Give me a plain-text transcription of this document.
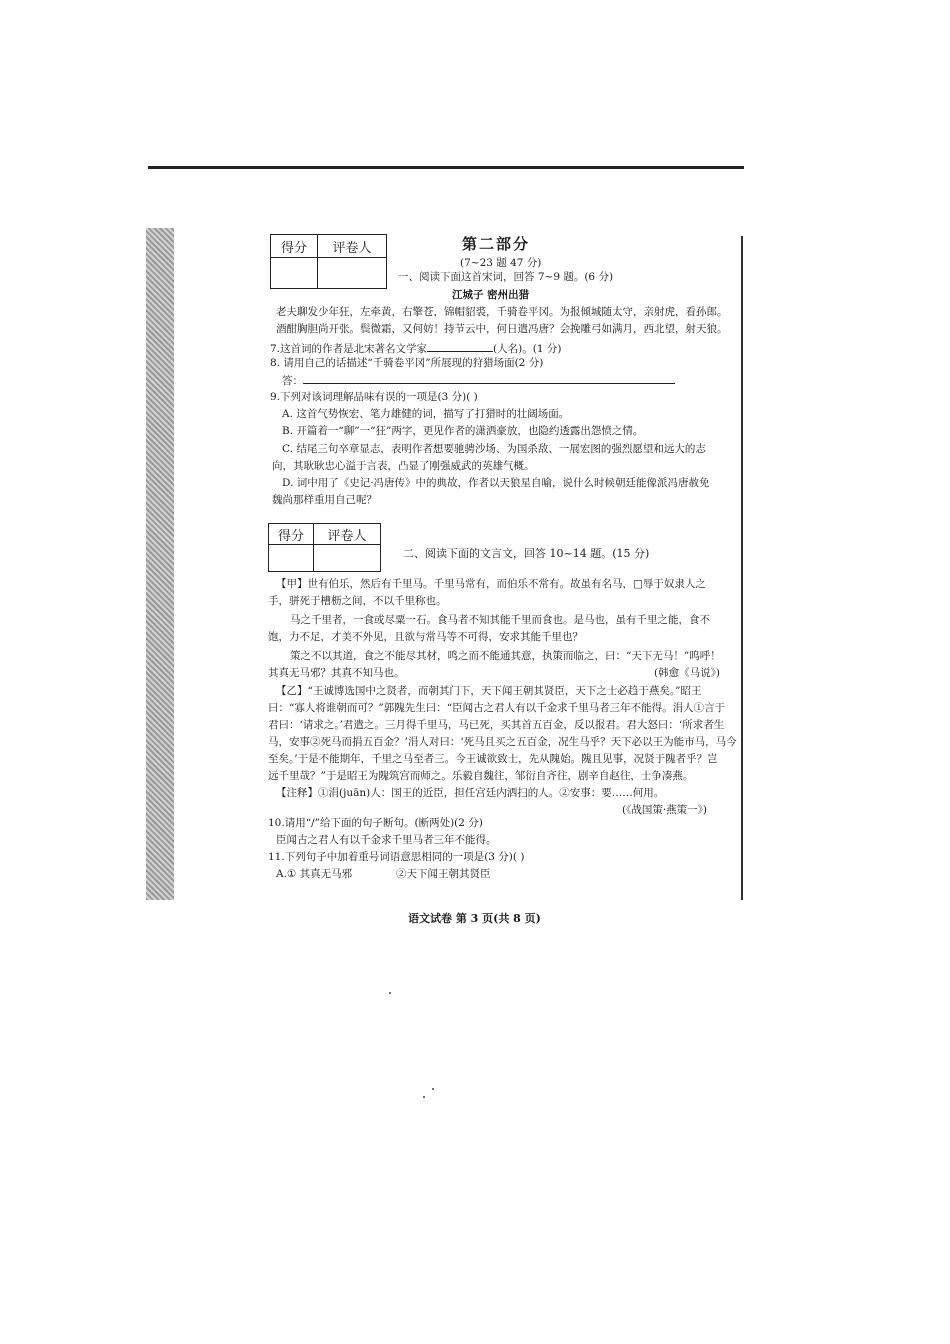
得分	评卷人
		第二部分
(7~23 题 47 分)
一、阅读下面这首宋词，回答 7~9 题。(6 分)
江城子 密州出猎
老夫聊发少年狂，左牵黄，右擎苍，锦帽貂裘，千骑卷平冈。为报倾城随太守，亲射虎，看孙郎。
酒酣胸胆尚开张。鬓微霜，又何妨！持节云中，何日遣冯唐？会挽雕弓如满月，西北望，射天狼。
7.这首词的作者是北宋著名文学家	(人名)。(1 分)
8. 请用自己的话描述“千骑卷平冈”所展现的狩猎场面(2 分)
答：
9.下列对该词理解品味有误的一项是(3 分)( )
A. 这首气势恢宏、笔力雄健的词，描写了打猎时的壮阔场面。
B. 开篇着一“聊”一“狂”两字，更见作者的潇洒豪放，也隐约透露出怨愤之情。
C. 结尾三句卒章显志，表明作者想要驰骋沙场、为国杀敌、一展宏图的强烈愿望和远大的志
向，其耿耿忠心溢于言表，凸显了刚强威武的英雄气概。
D. 词中用了《史记·冯唐传》中的典故，作者以天狼星自喻，说什么时候朝廷能像派冯唐赦免
魏尚那样重用自己呢？
得分	评卷人

二、阅读下面的文言文，回答 10~14 题。(15 分)
【甲】世有伯乐，然后有千里马。千里马常有，而伯乐不常有。故虽有名马，□辱于奴隶人之
手，骈死于槽枥之间，不以千里称也。
马之千里者，一食或尽粟一石。食马者不知其能千里而食也。是马也，虽有千里之能，食不
饱，力不足，才美不外见，且欲与常马等不可得，安求其能千里也？
策之不以其道，食之不能尽其材，鸣之而不能通其意，执策而临之，曰：“天下无马！”呜呼！
其真无马邪？其真不知马也。	(韩愈《马说》)
【乙】“王诚博选国中之贤者，而朝其门下，天下闻王朝其贤臣，天下之士必趋于燕矣。”昭王
曰：“寡人将谁朝而可？”郭隗先生曰：“臣闻古之君人有以千金求千里马者三年不能得。涓人①言于
君曰：‘请求之。’君遣之。三月得千里马，马已死，买其首五百金，反以报君。君大怒曰：‘所求者生
马，安事②死马而捐五百金？’涓人对曰：‘死马且买之五百金，况生马乎？天下必以王为能市马，马今
至矣。’于是不能期年，千里之马至者三。今王诚欲致士，先从隗始。隗且见事，况贤于隗者乎？岂
远千里哉？”于是昭王为隗筑宫而师之。乐毅自魏往，邹衍自齐往，剧辛自赵往，士争凑燕。
【注释】①涓(juān)人：国王的近臣，担任宫廷内洒扫的人。②安事：要……何用。
(《战国策·燕策一》)
10.请用“/”给下面的句子断句。(断两处)(2 分)
臣闻古之君人有以千金求千里马者三年不能得。
11.下列句子中加着重号词语意思相同的一项是(3 分)( )
A.① 其真无马邪	②天下闻王朝其贤臣
语文试卷 第 3 页(共 8 页)
